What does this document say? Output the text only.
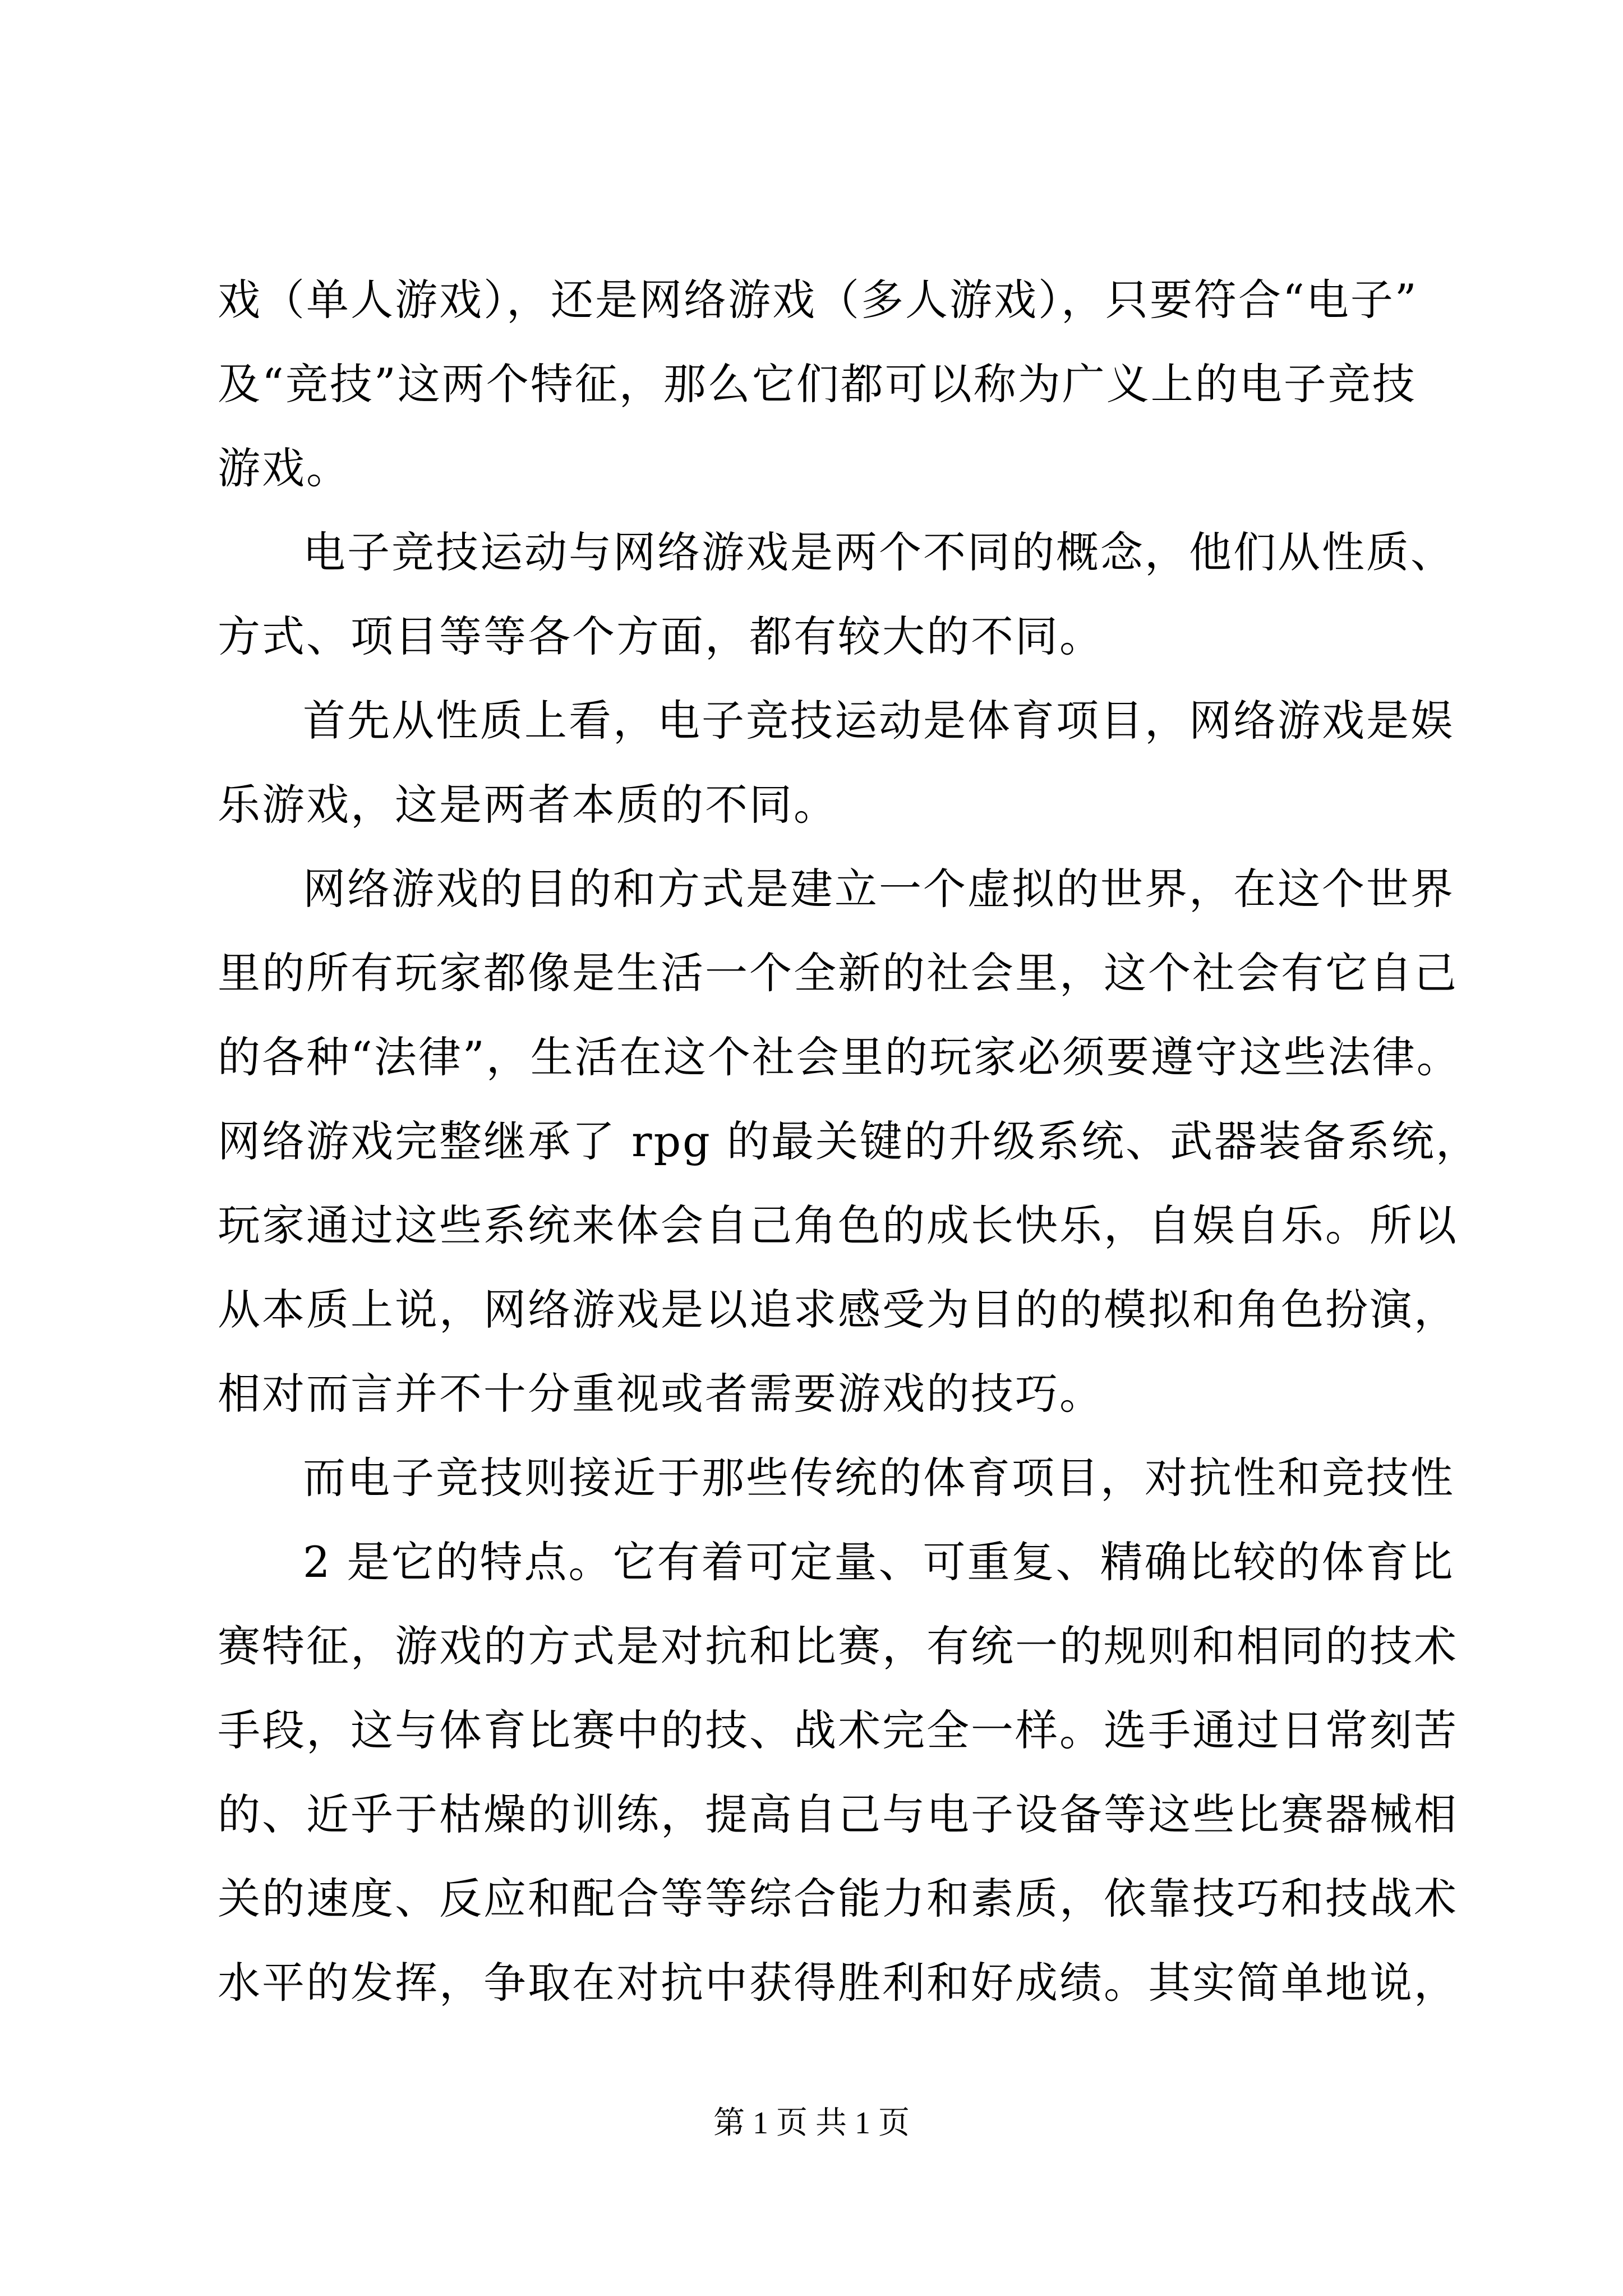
戏（单人游戏），还是网络游戏（多人游戏），只要符合“电子”
及“竞技”这两个特征，那么它们都可以称为广义上的电子竞技
游戏。
电子竞技运动与网络游戏是两个不同的概念，他们从性质、
方式、项目等等各个方面，都有较大的不同。
首先从性质上看，电子竞技运动是体育项目，网络游戏是娱
乐游戏，这是两者本质的不同。
网络游戏的目的和方式是建立一个虚拟的世界，在这个世界
里的所有玩家都像是生活一个全新的社会里，这个社会有它自己
的各种“法律”，生活在这个社会里的玩家必须要遵守这些法律。
网络游戏完整继承了 rpg 的最关键的升级系统、武器装备系统，
玩家通过这些系统来体会自己角色的成长快乐，自娱自乐。所以
从本质上说，网络游戏是以追求感受为目的的模拟和角色扮演，
相对而言并不十分重视或者需要游戏的技巧。
而电子竞技则接近于那些传统的体育项目，对抗性和竞技性
2 是它的特点。它有着可定量、可重复、精确比较的体育比
赛特征，游戏的方式是对抗和比赛，有统一的规则和相同的技术
手段，这与体育比赛中的技、战术完全一样。选手通过日常刻苦
的、近乎于枯燥的训练，提高自己与电子设备等这些比赛器械相
关的速度、反应和配合等等综合能力和素质，依靠技巧和技战术
水平的发挥，争取在对抗中获得胜利和好成绩。其实简单地说，
第 1 页 共 1 页
